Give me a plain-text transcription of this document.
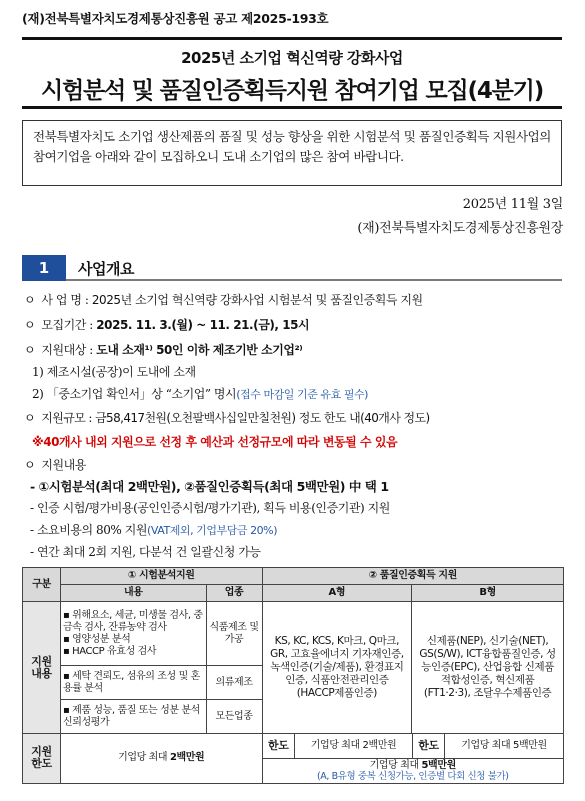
(재)전북특별자치도경제통상진흥원 공고 제2025-193호
2025년 소기업 혁신역량 강화사업
시험분석 및 품질인증획득지원 참여기업 모집(4분기)
전북특별자치도 소기업 생산제품의 품질 및 성능 향상을 위한 시험분석 및 품질인증획득 지원사업의 참여기업을 아래와 같이 모집하오니 도내 소기업의 많은 참여 바랍니다.
2025년 11월 3일
(재)전북특별자치도경제통상진흥원장
1	사업개요
ㅇ 사 업 명 : 2025년 소기업 혁신역량 강화사업 시험분석 및 품질인증획득 지원
ㅇ 모집기간 : 2025. 11. 3.(월) ~ 11. 21.(금), 15시
ㅇ 지원대상 : 도내 소재¹⁾ 50인 이하 제조기반 소기업²⁾
1) 제조시설(공장)이 도내에 소재
2) 「중소기업 확인서」상 “소기업” 명시(접수 마감일 기준 유효 필수)
ㅇ 지원규모 : 금58,417천원(오천팔백사십일만칠천원) 정도 한도 내(40개사 정도)
※40개사 내외 지원으로 선정 후 예산과 선정규모에 따라 변동될 수 있음
ㅇ 지원내용
- ①시험분석(최대 2백만원), ②품질인증획득(최대 5백만원) 中 택 1
- 인증 시험/평가비용(공인인증시험/평가기관), 획득 비용(인증기관) 지원
- 소요비용의 80% 지원(VAT제외, 기업부담금 20%)
- 연간 최대 2회 지원, 다분석 건 일괄신청 가능
구분	① 시험분석지원	② 품질인증획득 지원
내용	업종	A형	B형
지원 내용	
▪ 위해요소, 세균, 미생물 검사, 중금속 검사, 잔류농약 검사
▪ 영양성분 분석
▪ HACCP 유효성 검사
	식품제조 및 가공	KS, KC, KCS, K마크, Q마크, GR, 고효율에너지 기자재인증, 녹색인증(기술/제품), 환경표지인증, 식품안전관리인증 (HACCP제품인증)	신제품(NEP), 신기술(NET), GS(S/W), ICT융합품질인증, 성능인증(EPC), 산업융합 신제품 적합성인증, 혁신제품(FT1·2·3), 조달우수제품인증

▪ 세탁 견뢰도, 섬유의 조성 및 혼용률 분석
	의류제조

▪ 제품 성능, 품질 또는 성분 분석 신뢰성평가
	모든업종
지원 한도	기업당 최대 2백만원	
한도	기업당 최대 2백만원	한도	기업당 최대 5백만원
기업당 최대 5백만원
(A, B유형 중복 신청가능, 인증별 다회 신청 불가)
